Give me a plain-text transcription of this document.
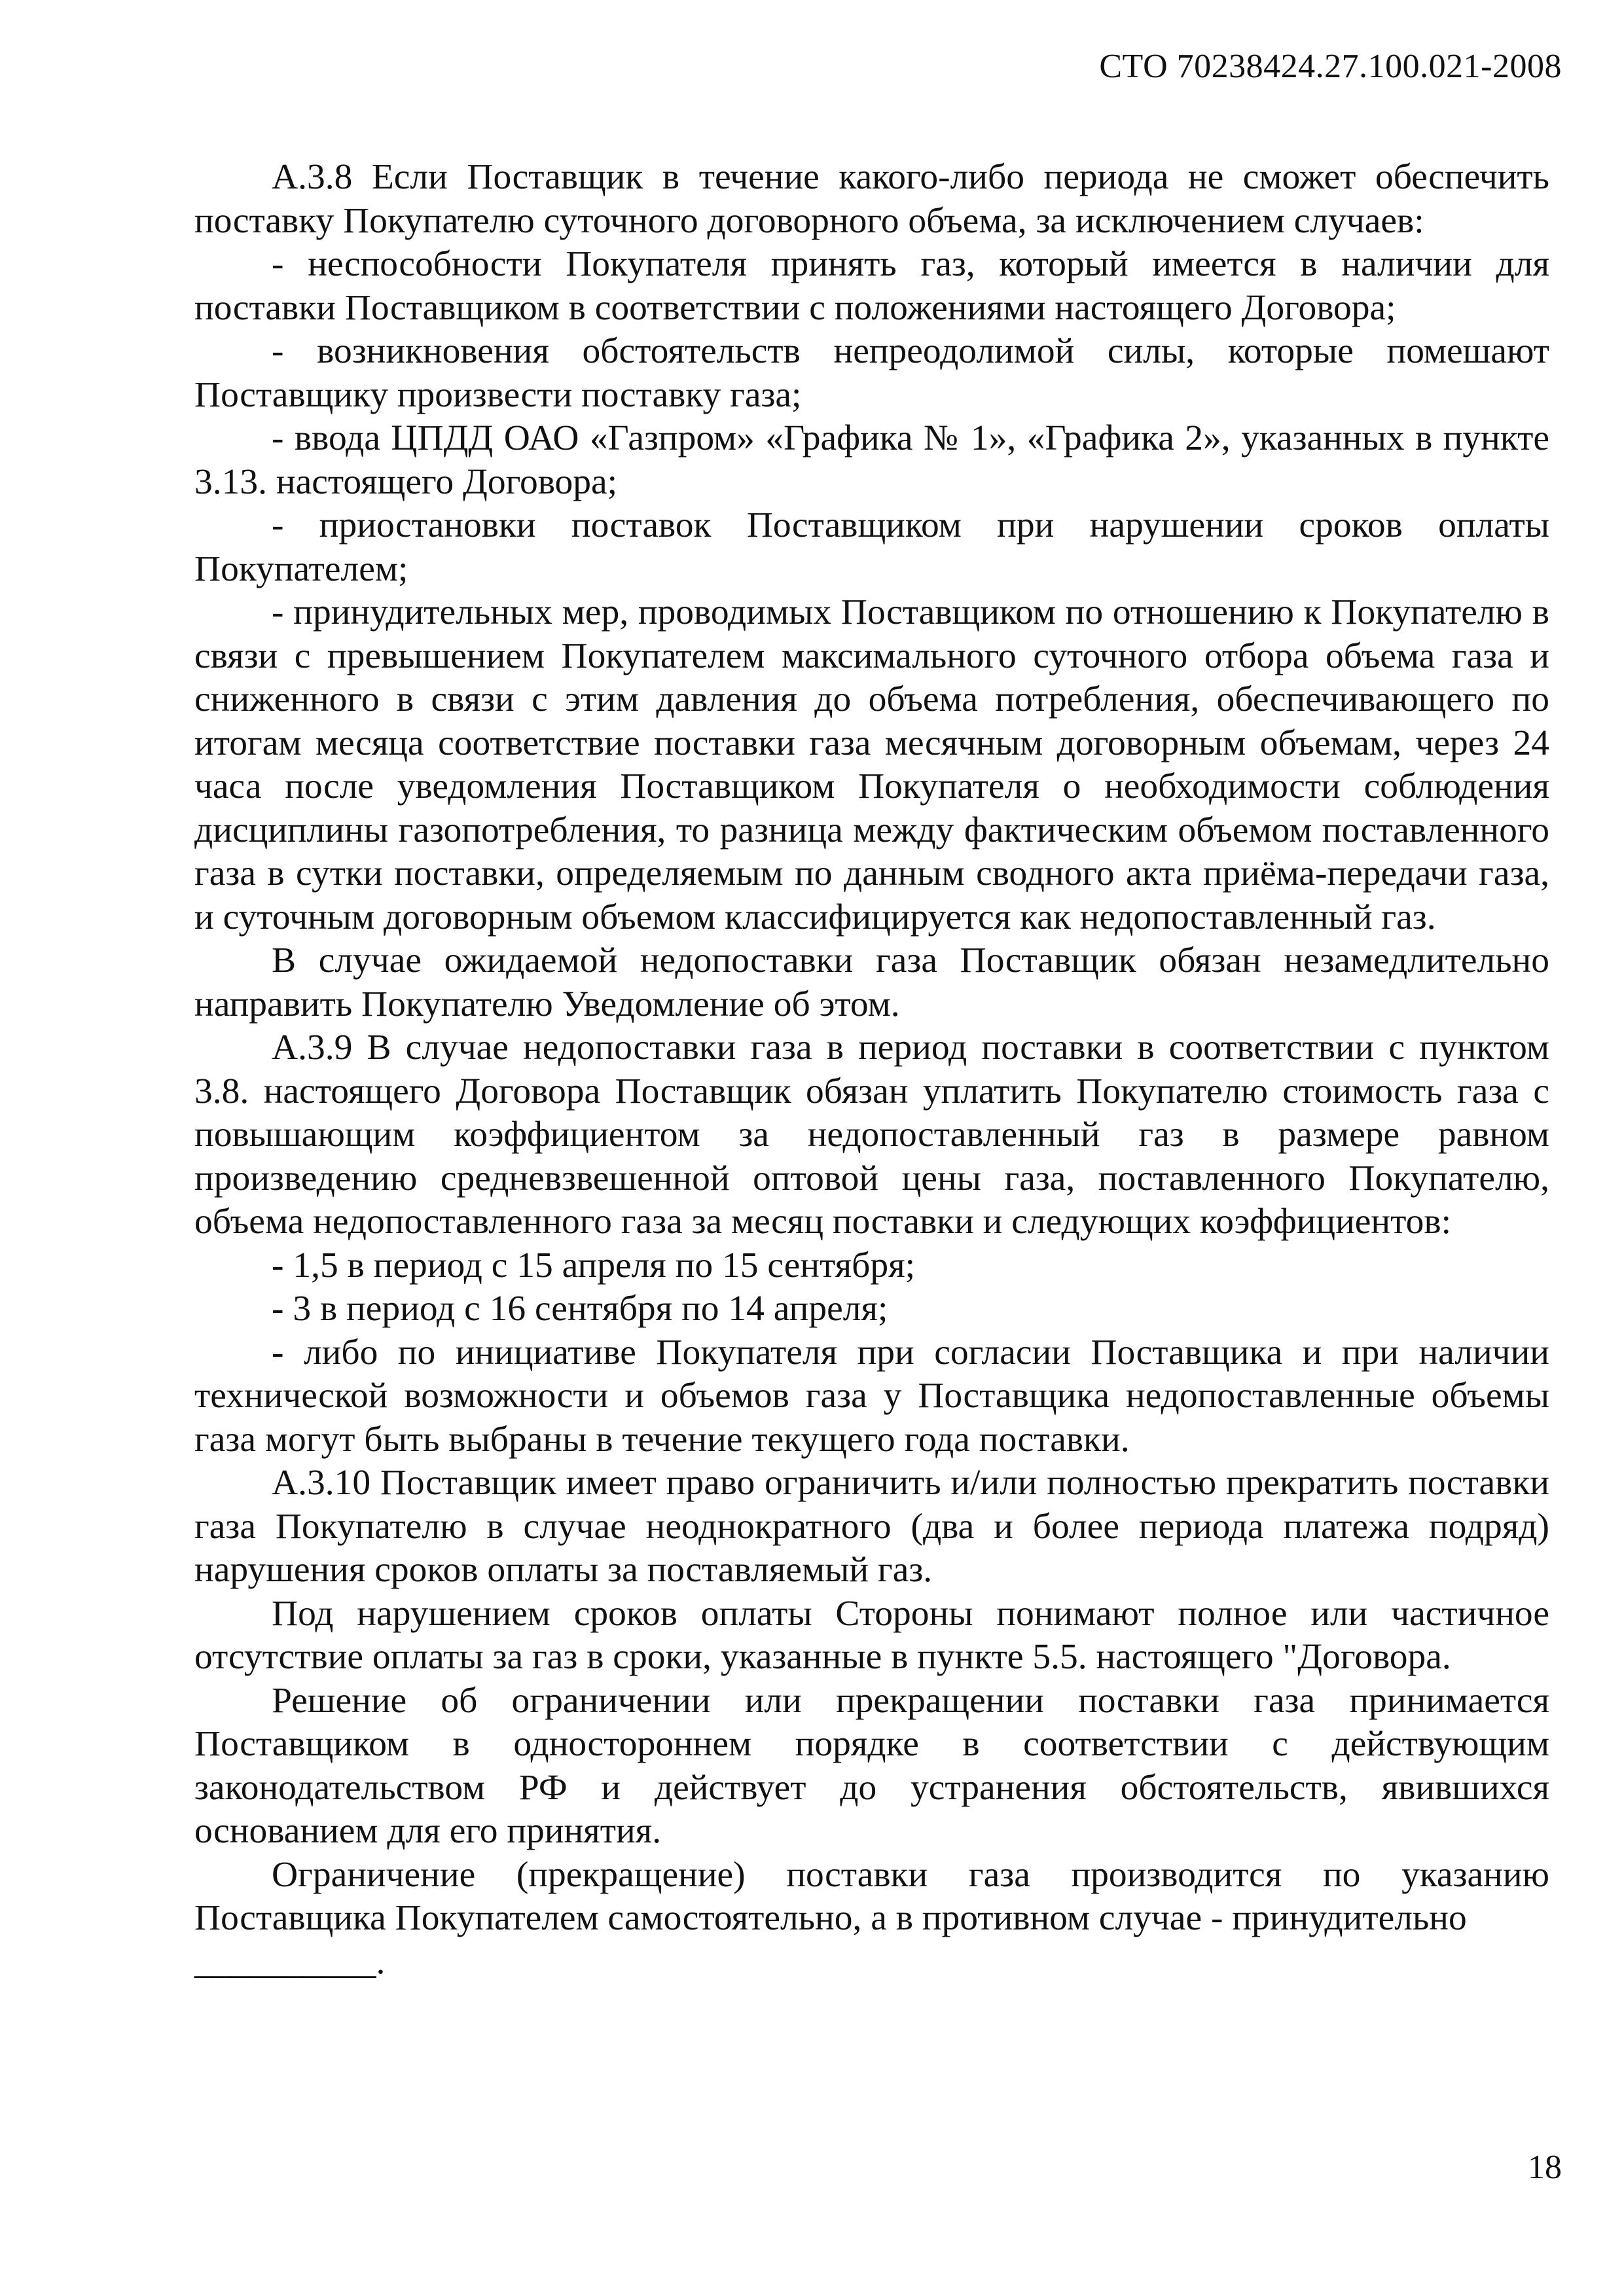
СТО 70238424.27.100.021-2008

А.3.8 Если Поставщик в течение какого-либо периода не сможет обеспечить поставку Покупателю суточного договорного объема, за исключением случаев:

- неспособности Покупателя принять газ, который имеется в наличии для поставки Поставщиком в соответствии с положениями настоящего Договора;

- возникновения обстоятельств непреодолимой силы, которые помешают Поставщику произвести поставку газа;

- ввода ЦПДД ОАО «Газпром» «Графика № 1», «Графика 2», указанных в пункте 3.13. настоящего Договора;

- приостановки поставок Поставщиком при нарушении сроков оплаты Покупателем;

- принудительных мер, проводимых Поставщиком по отношению к Покупателю в связи с превышением Покупателем максимального суточного отбора объема газа и сниженного в связи с этим давления до объема потребления, обеспечивающего по итогам месяца соответствие поставки газа месячным договорным объемам, через 24 часа после уведомления Поставщиком Покупателя о необходимости соблюдения дисциплины газопотребления, то разница между фактическим объемом поставленного газа в сутки поставки, определяемым по данным сводного акта приёма-передачи газа, и суточным договорным объемом классифицируется как недопоставленный газ.

В случае ожидаемой недопоставки газа Поставщик обязан незамедлительно направить Покупателю Уведомление об этом.

А.3.9 В случае недопоставки газа в период поставки в соответствии с пунктом 3.8. настоящего Договора Поставщик обязан уплатить Покупателю стоимость газа с повышающим коэффициентом за недопоставленный газ в размере равном произведению средневзвешенной оптовой цены газа, поставленного Покупателю, объема недопоставленного газа за месяц поставки и следующих коэффициентов:

- 1,5 в период с 15 апреля по 15 сентября;

- 3 в период с 16 сентября по 14 апреля;

- либо по инициативе Покупателя при согласии Поставщика и при наличии технической возможности и объемов газа у Поставщика недопоставленные объемы газа могут быть выбраны в течение текущего года поставки.

А.3.10 Поставщик имеет право ограничить и/или полностью прекратить поставки газа Покупателю в случае неоднократного (два и более периода платежа подряд) нарушения сроков оплаты за поставляемый газ.

Под нарушением сроков оплаты Стороны понимают полное или частичное отсутствие оплаты за газ в сроки, указанные в пункте 5.5. настоящего "Договора.

Решение об ограничении или прекращении поставки газа принимается Поставщиком в одностороннем порядке в соответствии с действующим законодательством РФ и действует до устранения обстоятельств, явившихся основанием для его принятия.

Ограничение (прекращение) поставки газа производится по указанию Поставщика Покупателем самостоятельно, а в противном случае - принудительно

__________.
18
